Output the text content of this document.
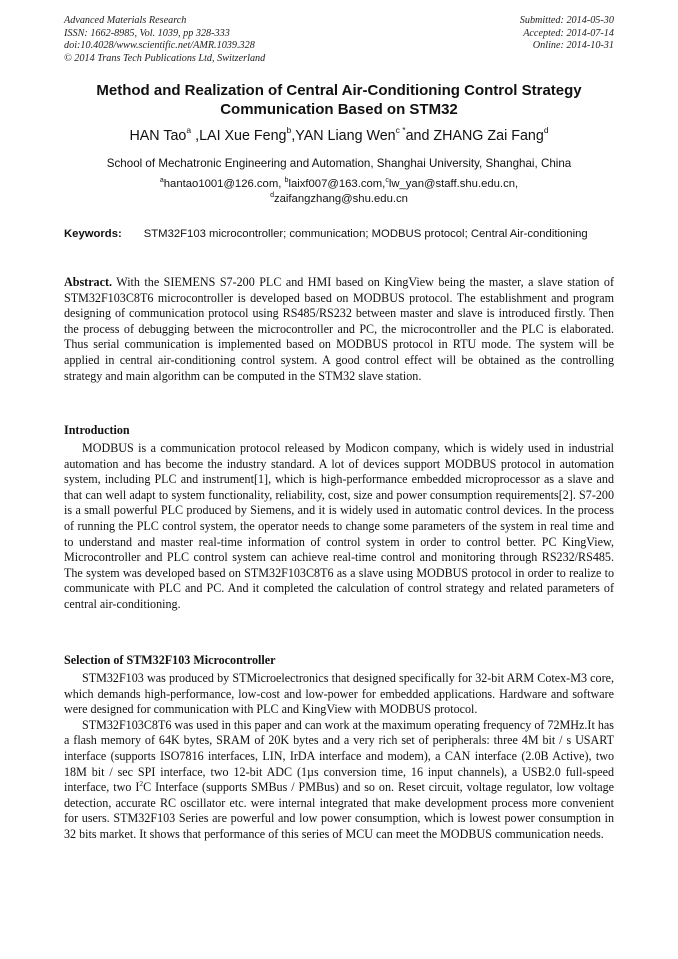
Advanced Materials Research
ISSN: 1662-8985, Vol. 1039, pp 328-333
doi:10.4028/www.scientific.net/AMR.1039.328
© 2014 Trans Tech Publications Ltd, Switzerland
Submitted: 2014-05-30
Accepted: 2014-07-14
Online: 2014-10-31
Method and Realization of Central Air-Conditioning Control Strategy
Communication Based on STM32
HAN Tao$^a$ ,LAI Xue Feng$^b$,YAN Liang Wen$^{c *}$and ZHANG Zai Fang$^d$
School of Mechatronic Engineering and Automation, Shanghai University, Shanghai, China
$^a$hantao1001@126.com, $^b$laixf007@163.com,$^c$lw_yan@staff.shu.edu.cn,
$^d$zaifangzhang@shu.edu.cn
Keywords: STM32F103 microcontroller; communication; MODBUS protocol; Central Air-conditioning

Abstract. With the SIEMENS S7-200 PLC and HMI based on KingView being the master, a slave station of STM32F103C8T6 microcontroller is developed based on MODBUS protocol. The establishment and program designing of communication protocol using RS485/RS232 between master and slave is introduced firstly. Then the process of debugging between the microcontroller and PC, the microcontroller and the PLC is elaborated. Thus serial communication is implemented based on MODBUS protocol in RTU mode. The system will be applied in central air-conditioning control system. A good control effect will be obtained as the controlling strategy and main algorithm can be computed in the STM32 slave station.

Introduction

MODBUS is a communication protocol released by Modicon company, which is widely used in industrial automation and has become the industry standard. A lot of devices support MODBUS protocol in automation system, including PLC and instrument[1], which is high-performance embedded microprocessor as a slave and that can well adapt to system functionality, reliability, cost, size and power consumption requirements[2]. S7-200 is a small powerful PLC produced by Siemens, and it is widely used in automatic control devices. In the process of running the PLC control system, the operator needs to change some parameters of the system in real time and to understand and master real-time information of control system in order to control better. PC KingView, Microcontroller and PLC control system can achieve real-time control and monitoring through RS232/RS485. The system was developed based on STM32F103C8T6 as a slave using MODBUS protocol in order to realize to communicate with PLC and PC. And it completed the calculation of control strategy and related parameters of central air-conditioning.

Selection of STM32F103 Microcontroller

STM32F103 was produced by STMicroelectronics that designed specifically for 32-bit ARM Cotex-M3 core, which demands high-performance, low-cost and low-power for embedded applications. Hardware and software were designed for communication with PLC and KingView with MODBUS protocol.

STM32F103C8T6 was used in this paper and can work at the maximum operating frequency of 72MHz.It has a flash memory of 64K bytes, SRAM of 20K bytes and a very rich set of peripherals: three 4M bit / s USART interface (supports ISO7816 interfaces, LIN, IrDA interface and modem), a CAN interface (2.0B Active), two 18M bit / sec SPI interface, two 12-bit ADC (1µs conversion time, 16 input channels), a USB2.0 full-speed interface, two $I^2C$ Interface (supports SMBus / PMBus) and so on. Reset circuit, voltage regulator, low voltage detection, accurate RC oscillator etc. were internal integrated that make development process more convenient for users. STM32F103 Series are powerful and low power consumption, which is lowest power consumption in 32 bits market. It shows that performance of this series of MCU can meet the MODBUS communication needs.
